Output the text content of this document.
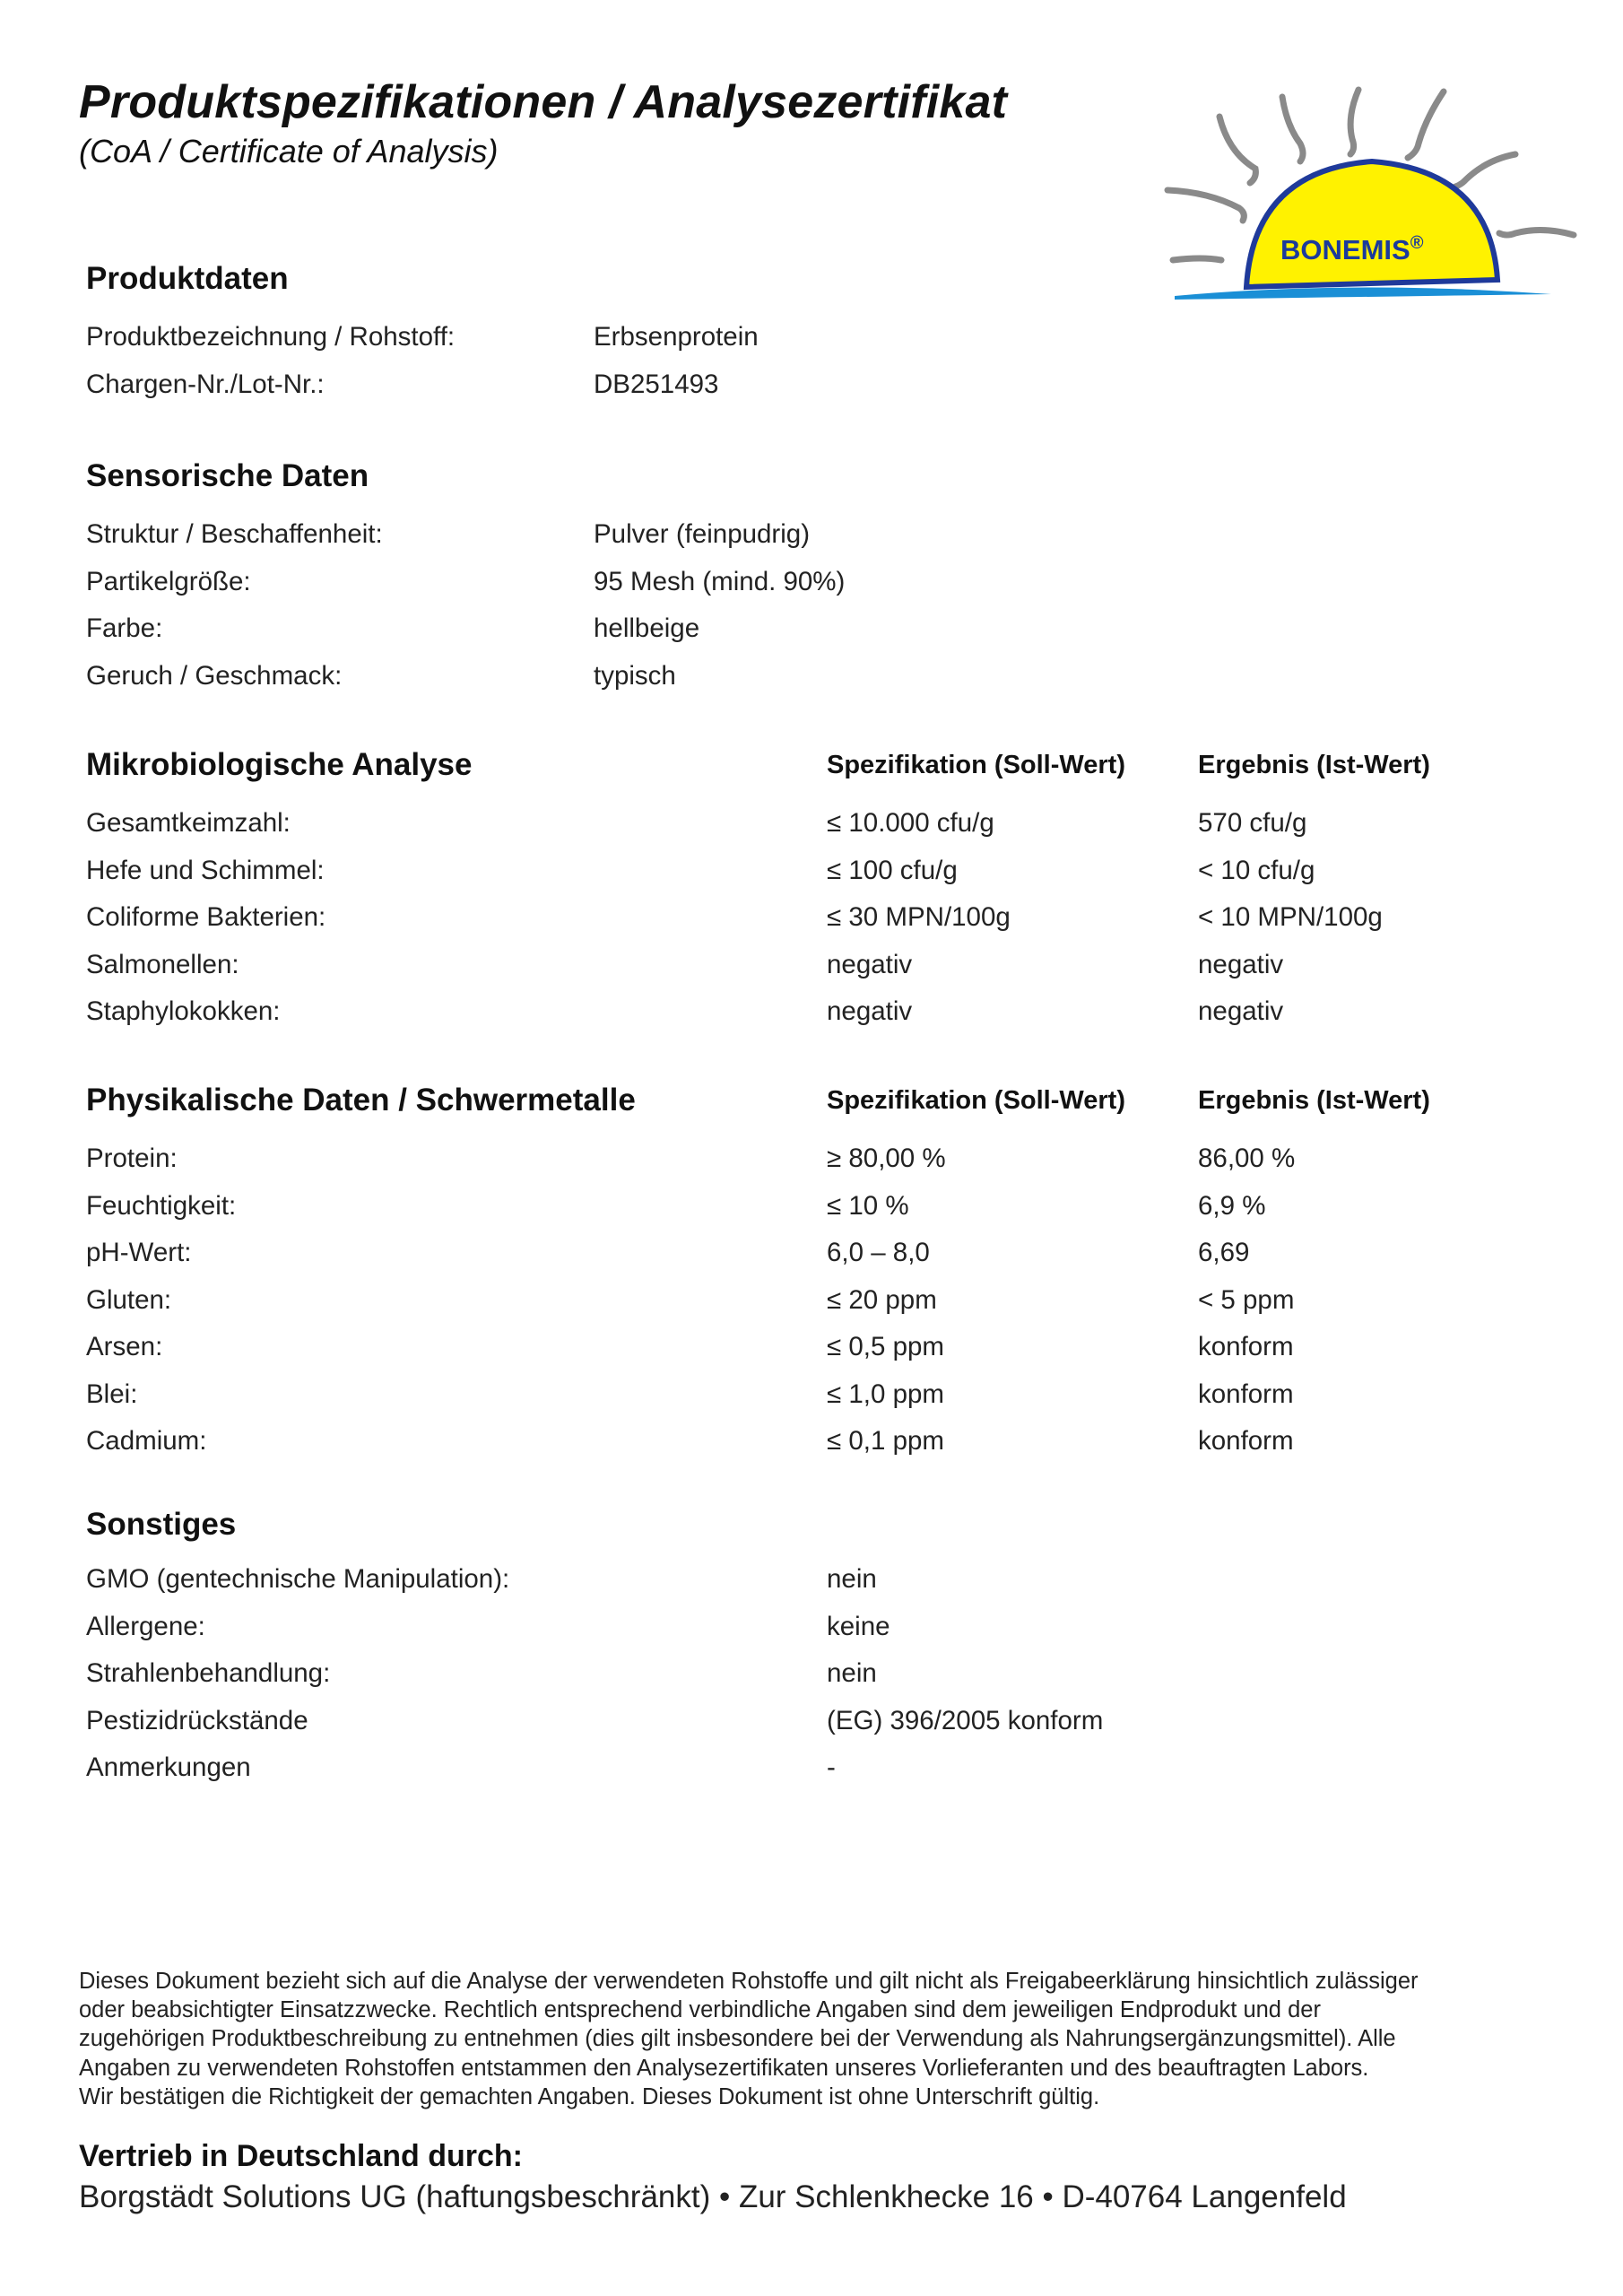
Produktspezifikationen / Analysezertifikat
(CoA / Certificate of Analysis)
BONEMIS®
Produktdaten
Produktbezeichnung / Rohstoff:	Erbsenprotein
Chargen-Nr./Lot-Nr.:	DB251493
Sensorische Daten
Struktur / Beschaffenheit:	Pulver (feinpudrig)
Partikelgröße:	95 Mesh (mind. 90%)
Farbe:	hellbeige
Geruch / Geschmack:	typisch
Mikrobiologische Analyse	Spezifikation (Soll-Wert)	Ergebnis (Ist-Wert)
Gesamtkeimzahl:	≤ 10.000 cfu/g	570 cfu/g
Hefe und Schimmel:	≤ 100 cfu/g	< 10 cfu/g
Coliforme Bakterien:	≤ 30 MPN/100g	< 10 MPN/100g
Salmonellen:	negativ	negativ
Staphylokokken:	negativ	negativ
Physikalische Daten / Schwermetalle	Spezifikation (Soll-Wert)	Ergebnis (Ist-Wert)
Protein:	≥ 80,00 %	86,00 %
Feuchtigkeit:	≤ 10 %	6,9 %
pH-Wert:	6,0 – 8,0	6,69
Gluten:	≤ 20 ppm	< 5 ppm
Arsen:	≤ 0,5 ppm	konform
Blei:	≤ 1,0 ppm	konform
Cadmium:	≤ 0,1 ppm	konform
Sonstiges
GMO (gentechnische Manipulation):	nein
Allergene:	keine
Strahlenbehandlung:	nein
Pestizidrückstände	(EG) 396/2005 konform
Anmerkungen	-
Dieses Dokument bezieht sich auf die Analyse der verwendeten Rohstoffe und gilt nicht als Freigabeerklärung hinsichtlich zulässiger
oder beabsichtigter Einsatzzwecke. Rechtlich entsprechend verbindliche Angaben sind dem jeweiligen Endprodukt und der
zugehörigen Produktbeschreibung zu entnehmen (dies gilt insbesondere bei der Verwendung als Nahrungsergänzungsmittel). Alle
Angaben zu verwendeten Rohstoffen entstammen den Analysezertifikaten unseres Vorlieferanten und des beauftragten Labors.
Wir bestätigen die Richtigkeit der gemachten Angaben. Dieses Dokument ist ohne Unterschrift gültig.
Vertrieb in Deutschland durch:
Borgstädt Solutions UG (haftungsbeschränkt) • Zur Schlenkhecke 16 • D-40764 Langenfeld
